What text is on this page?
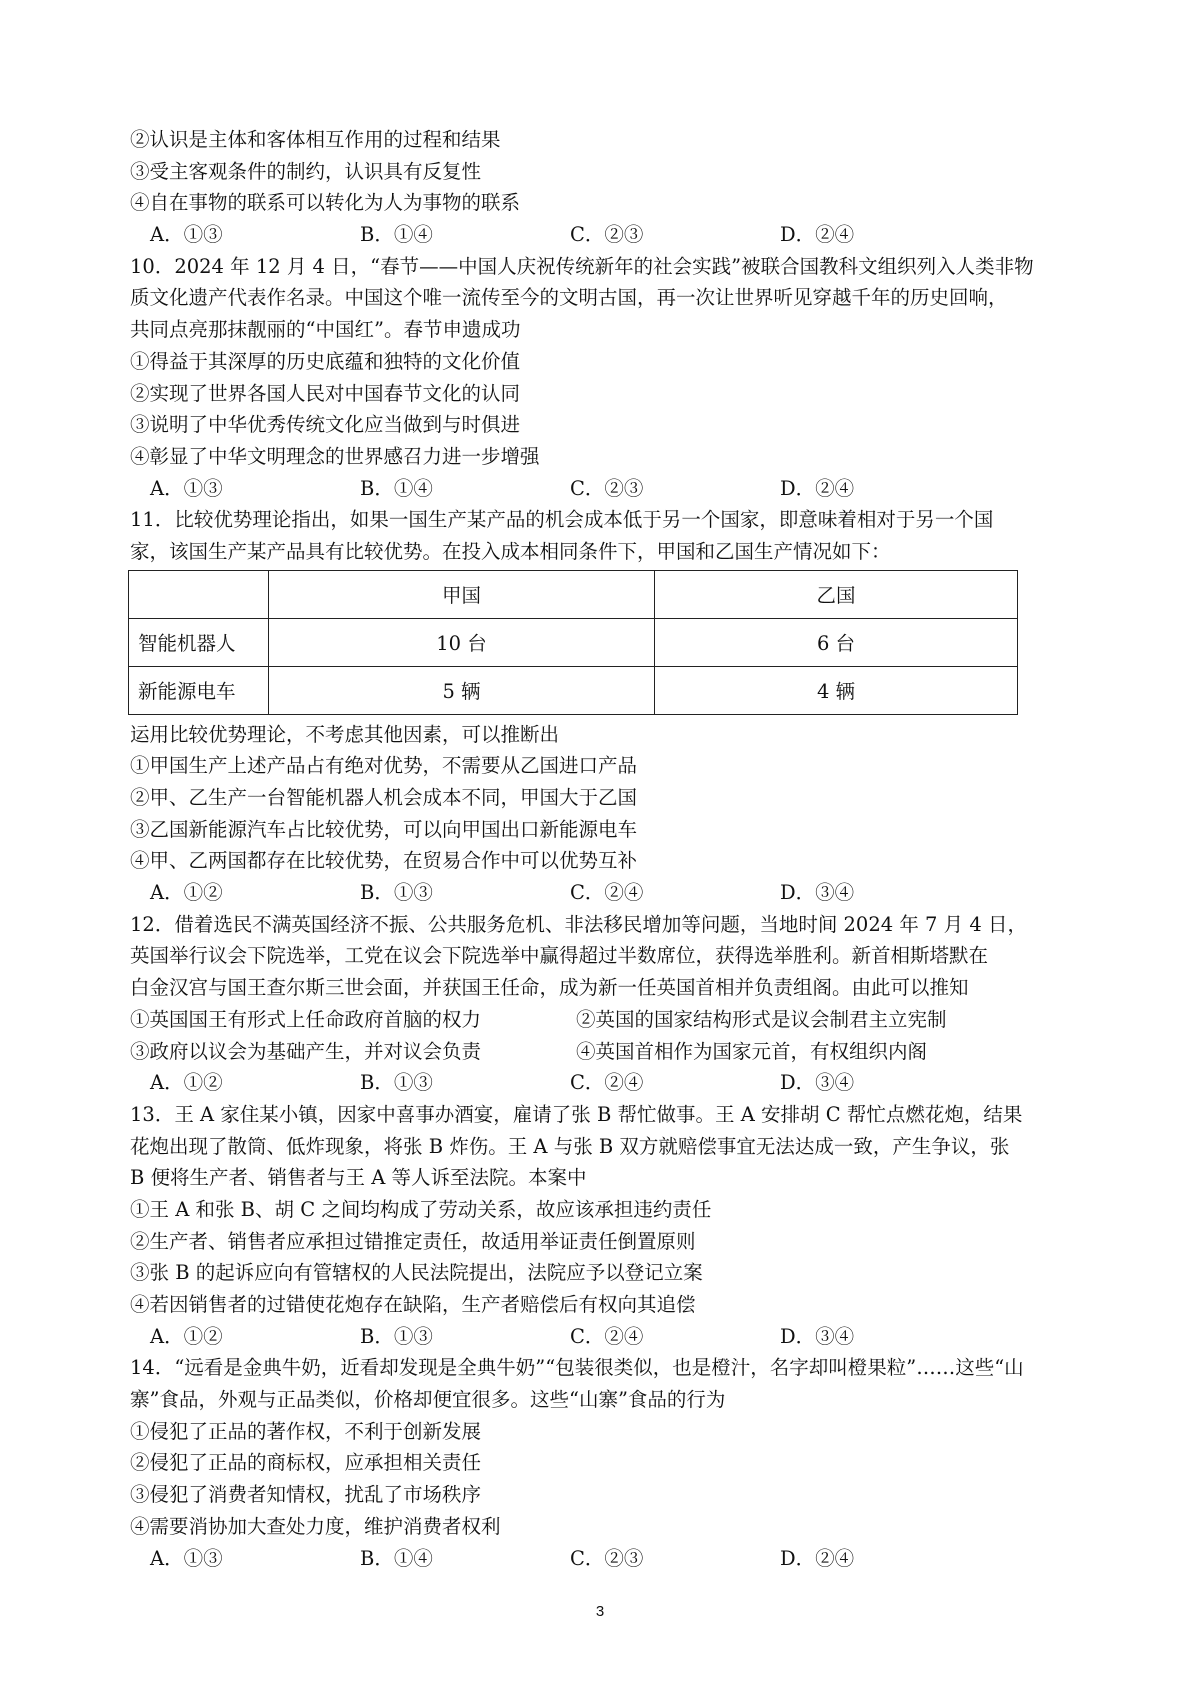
②认识是主体和客体相互作用的过程和结果
③受主客观条件的制约，认识具有反复性
④自在事物的联系可以转化为人为事物的联系
A．①③	B．①④	C．②③	D．②④
10．2024 年 12 月 4 日，“春节——中国人庆祝传统新年的社会实践”被联合国教科文组织列入人类非物
质文化遗产代表作名录。中国这个唯一流传至今的文明古国，再一次让世界听见穿越千年的历史回响，
共同点亮那抹靓丽的“中国红”。春节申遗成功
①得益于其深厚的历史底蕴和独特的文化价值
②实现了世界各国人民对中国春节文化的认同
③说明了中华优秀传统文化应当做到与时俱进
④彰显了中华文明理念的世界感召力进一步增强
A．①③	B．①④	C．②③	D．②④
11．比较优势理论指出，如果一国生产某产品的机会成本低于另一个国家，即意味着相对于另一个国
家，该国生产某产品具有比较优势。在投入成本相同条件下，甲国和乙国生产情况如下：
	甲国	乙国
智能机器人	10 台	6 台
新能源电车	5 辆	4 辆
运用比较优势理论，不考虑其他因素，可以推断出
①甲国生产上述产品占有绝对优势，不需要从乙国进口产品
②甲、乙生产一台智能机器人机会成本不同，甲国大于乙国
③乙国新能源汽车占比较优势，可以向甲国出口新能源电车
④甲、乙两国都存在比较优势，在贸易合作中可以优势互补
A．①②	B．①③	C．②④	D．③④
12．借着选民不满英国经济不振、公共服务危机、非法移民增加等问题，当地时间 2024 年 7 月 4 日，
英国举行议会下院选举，工党在议会下院选举中赢得超过半数席位，获得选举胜利。新首相斯塔默在
白金汉宫与国王查尔斯三世会面，并获国王任命，成为新一任英国首相并负责组阁。由此可以推知
①英国国王有形式上任命政府首脑的权力	②英国的国家结构形式是议会制君主立宪制
③政府以议会为基础产生，并对议会负责	④英国首相作为国家元首，有权组织内阁
A．①②	B．①③	C．②④	D．③④
13．王 A 家住某小镇，因家中喜事办酒宴，雇请了张 B 帮忙做事。王 A 安排胡 C 帮忙点燃花炮，结果
花炮出现了散筒、低炸现象，将张 B 炸伤。王 A 与张 B 双方就赔偿事宜无法达成一致，产生争议，张
B 便将生产者、销售者与王 A 等人诉至法院。本案中
①王 A 和张 B、胡 C 之间均构成了劳动关系，故应该承担违约责任
②生产者、销售者应承担过错推定责任，故适用举证责任倒置原则
③张 B 的起诉应向有管辖权的人民法院提出，法院应予以登记立案
④若因销售者的过错使花炮存在缺陷，生产者赔偿后有权向其追偿
A．①②	B．①③	C．②④	D．③④
14．“远看是金典牛奶，近看却发现是全典牛奶”“包装很类似，也是橙汁，名字却叫橙果粒”……这些“山
寨”食品，外观与正品类似，价格却便宜很多。这些“山寨”食品的行为
①侵犯了正品的著作权，不利于创新发展
②侵犯了正品的商标权，应承担相关责任
③侵犯了消费者知情权，扰乱了市场秩序
④需要消协加大查处力度，维护消费者权利
A．①③	B．①④	C．②③	D．②④
3
